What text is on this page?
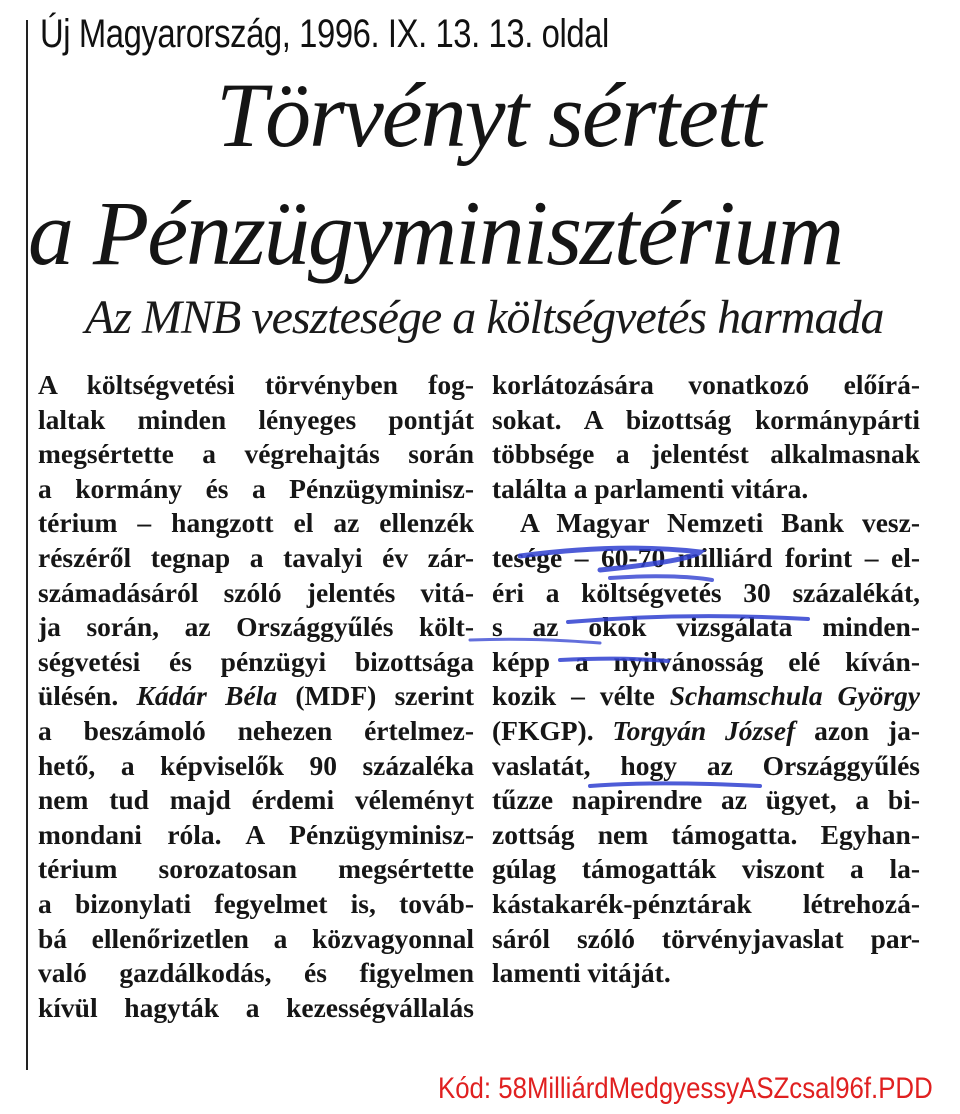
Új Magyarország, 1996. IX. 13. 13. oldal
Törvényt sértett
a Pénzügyminisztérium
Az MNB vesztesége a költségvetés harmada
A költségvetési törvényben fog-
laltak minden lényeges pontját
megsértette a végrehajtás során
a kormány és a Pénzügyminisz-
térium – hangzott el az ellenzék
részéről tegnap a tavalyi év zár-
számadásáról szóló jelentés vitá-
ja során, az Országgyűlés költ-
ségvetési és pénzügyi bizottsága
ülésén. Kádár Béla (MDF) szerint
a beszámoló nehezen értelmez-
hető, a képviselők 90 százaléka
nem tud majd érdemi véleményt
mondani róla. A Pénzügyminisz-
térium sorozatosan megsértette
a bizonylati fegyelmet is, továb-
bá ellenőrizetlen a közvagyonnal
való gazdálkodás, és figyelmen
kívül hagyták a kezességvállalás
korlátozására vonatkozó előírá-
sokat. A bizottság kormánypárti
többsége a jelentést alkalmasnak
találta a parlamenti vitára.
A Magyar Nemzeti Bank vesz-
tesége – 60-70 milliárd forint – el-
éri a költségvetés 30 százalékát,
s az okok vizsgálata minden-
képp a nyilvánosság elé kíván-
kozik – vélte Schamschula György
(FKGP). Torgyán József azon ja-
vaslatát, hogy az Országgyűlés
tűzze napirendre az ügyet, a bi-
zottság nem támogatta. Egyhan-
gúlag támogatták viszont a la-
kástakarék-pénztárak létrehozá-
sáról szóló törvényjavaslat par-
lamenti vitáját.
Kód: 58MilliárdMedgyessyASZcsal96f.PDD
